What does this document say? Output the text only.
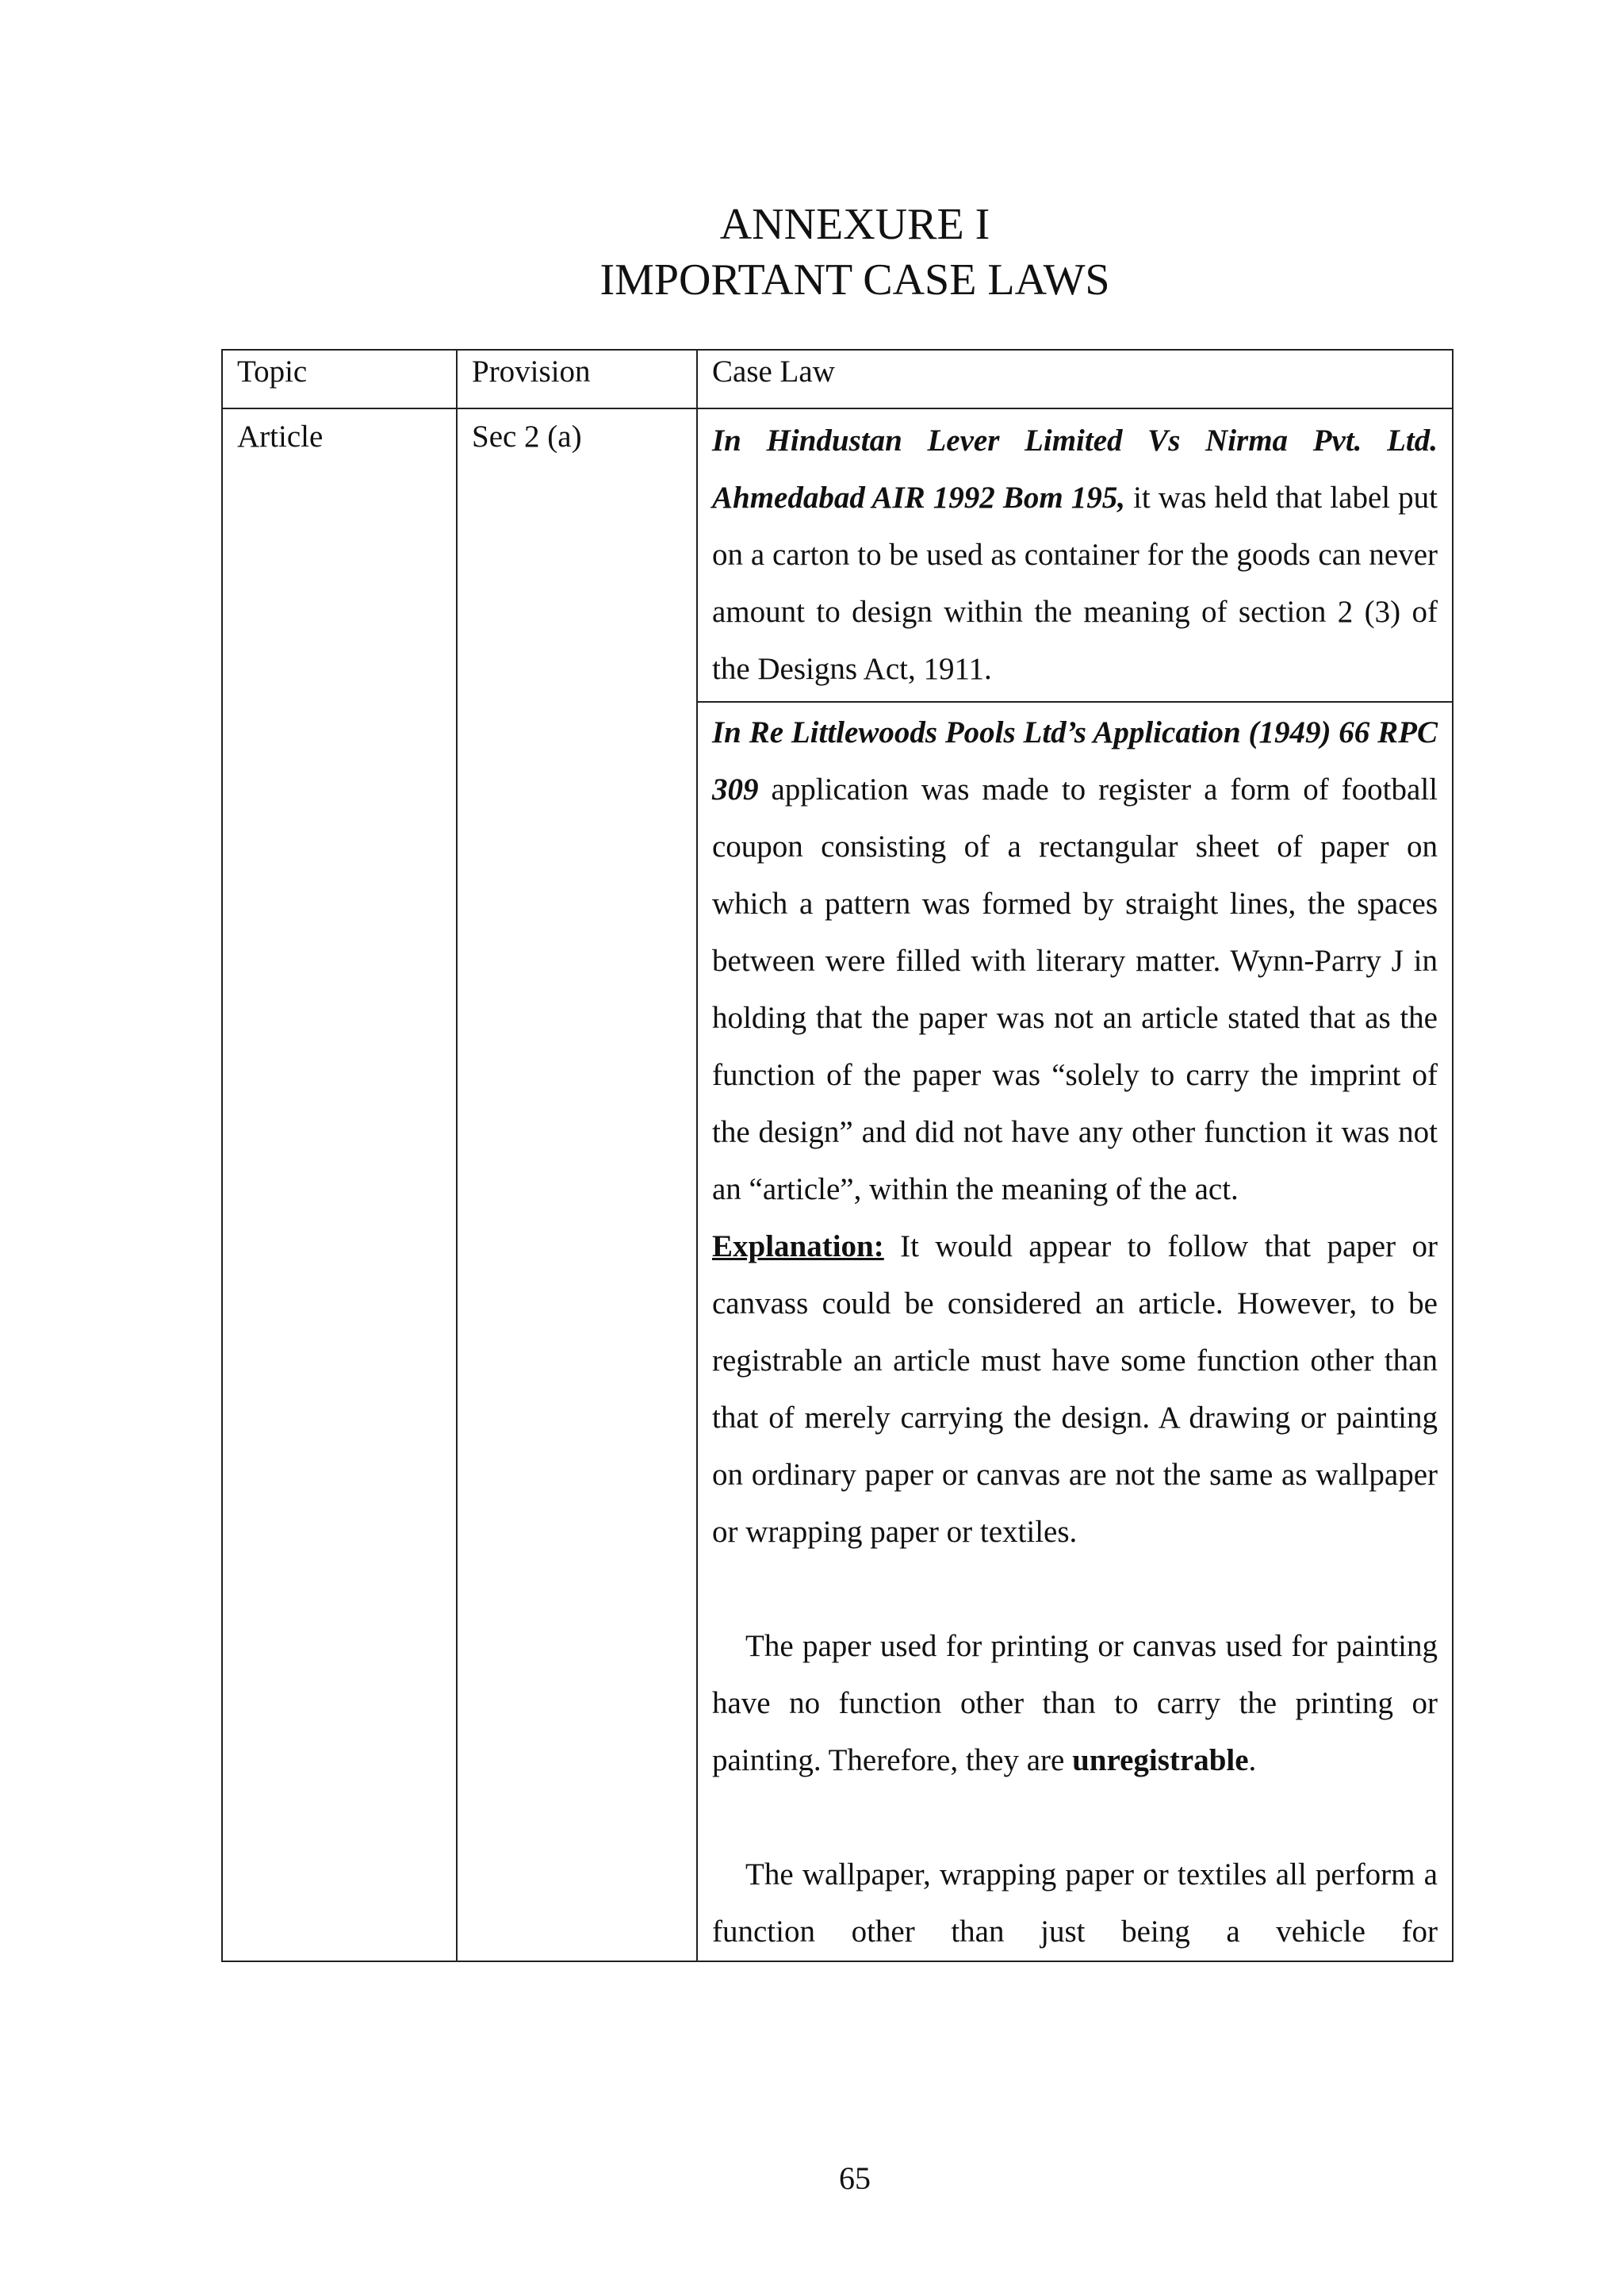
ANNEXURE I
IMPORTANT CASE LAWS
Topic	Provision	Case Law
Article	Sec 2 (a)	In Hindustan Lever Limited Vs Nirma Pvt. Ltd. Ahmedabad AIR 1992 Bom 195, it was held that label put on a carton to be used as container for the goods can never amount to design within the meaning of section 2 (3) of the Designs Act, 1911.

		In Re Littlewoods Pools Ltd’s Application (1949) 66 RPC 309 application was made to register a form of football coupon consisting of a rectangular sheet of paper on which a pattern was formed by straight lines, the spaces between were filled with literary matter. Wynn-Parry J in holding that the paper was not an article stated that as the function of the paper was “solely to carry the imprint of the design” and did not have any other function it was not an “article”, within the meaning of the act.

Explanation: It would appear to follow that paper or canvass could be considered an article. However, to be registrable an article must have some function other than that of merely carrying the design. A drawing or painting on ordinary paper or canvas are not the same as wallpaper or wrapping paper or textiles.

The paper used for printing or canvas used for painting have no function other than to carry the printing or painting. Therefore, they are unregistrable.

The wallpaper, wrapping paper or textiles all perform a function other than just being a vehicle for

65
